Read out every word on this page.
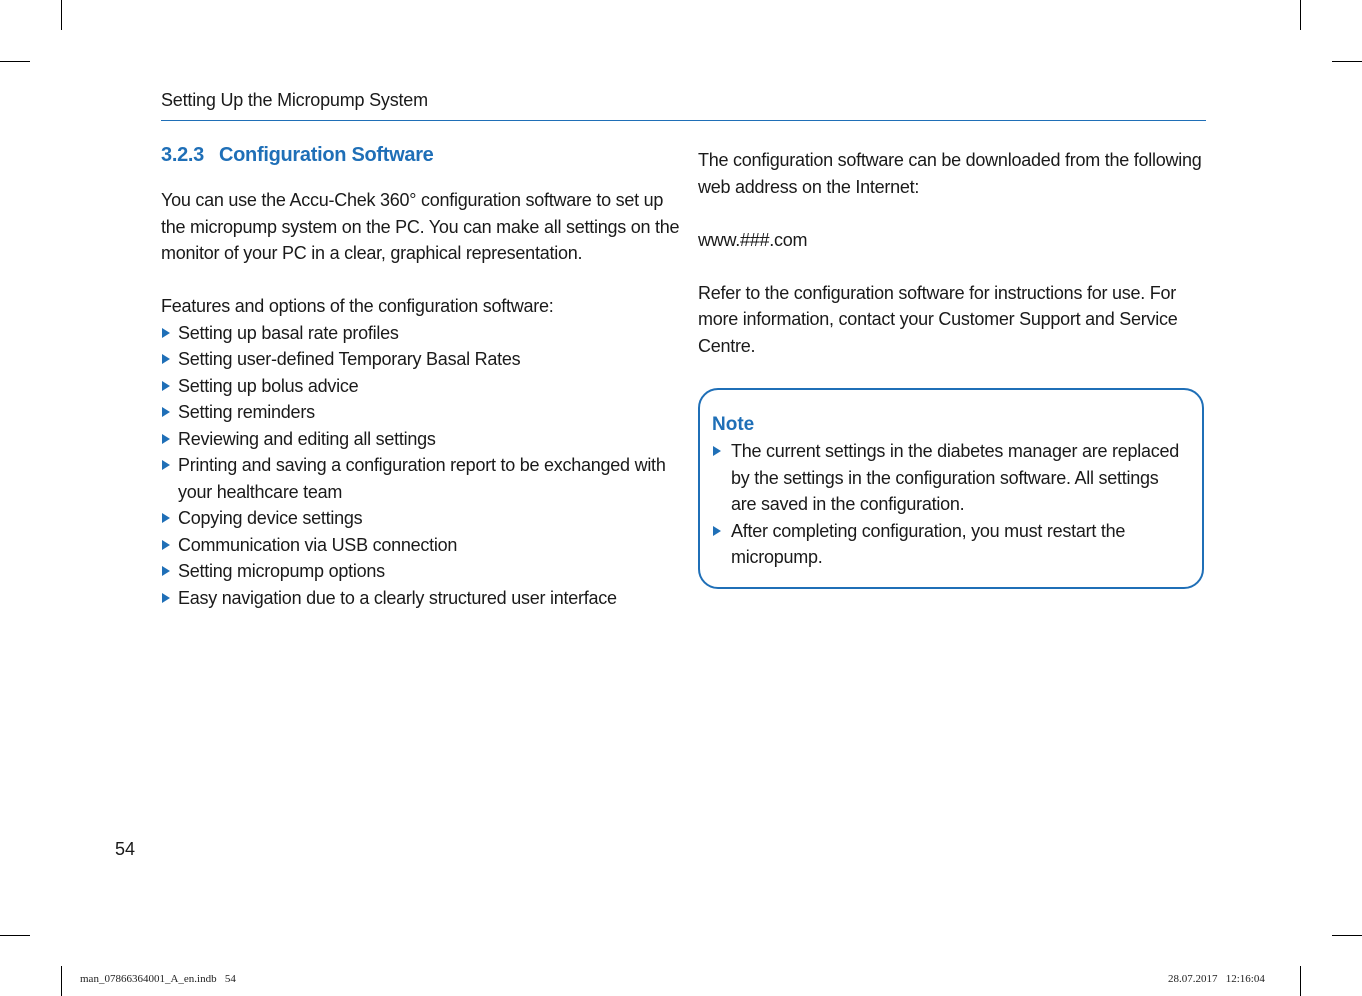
Setting Up the Micropump System
3.2.3 Configuration Software

You can use the Accu-Chek 360° configuration software to set up the micropump system on the PC. You can make all settings on the monitor of your PC in a clear, graphical representation.

Features and options of the configuration software:

Setting up basal rate profiles
Setting user-defined Temporary Basal Rates
Setting up bolus advice
Setting reminders
Reviewing and editing all settings
Printing and saving a configuration report to be exchanged with your healthcare team
Copying device settings
Communication via USB connection
Setting micropump options
Easy navigation due to a clearly structured user interface

The configuration software can be downloaded from the following web address on the Internet:

www.###.com

Refer to the configuration software for instructions for use. For more information, contact your Customer Support and Service Centre.

Note
The current settings in the diabetes manager are replaced by the settings in the configuration software. All settings are saved in the configuration.
After completing configuration, you must restart the micropump.
54
man_07866364001_A_en.indb   54	28.07.2017   12:16:04
